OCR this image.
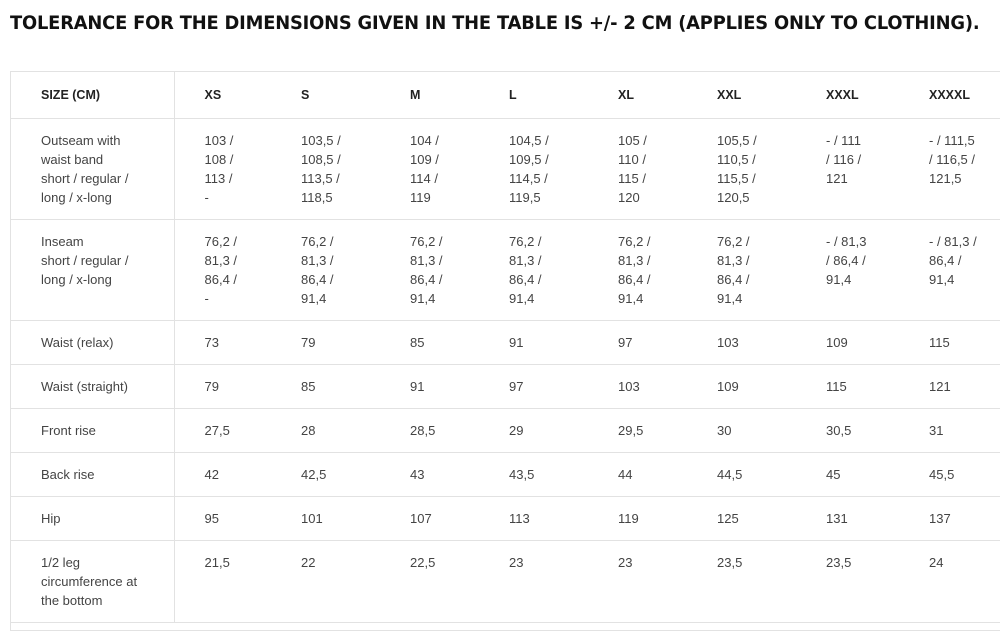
TOLERANCE FOR THE DIMENSIONS GIVEN IN THE TABLE IS +/- 2 CM (APPLIES ONLY TO CLOTHING).
SIZE (CM)	XS	S	M	L	XL	XXL	XXXL	XXXXL

Outseam with
waist band
short / regular /
long / x-long	103 /
108 /
113 /
-	103,5 /
108,5 /
113,5 /
118,5	104 /
109 /
114 /
119	104,5 /
109,5 /
114,5 /
119,5	105 /
110 /
115 /
120	105,5 /
110,5 /
115,5 /
120,5	- / 111
/ 116 /
121	- / 111,5
/ 116,5 /
121,5

Inseam
short / regular /
long / x-long	76,2 /
81,3 /
86,4 /
-	76,2 /
81,3 /
86,4 /
91,4	76,2 /
81,3 /
86,4 /
91,4	76,2 /
81,3 /
86,4 /
91,4	76,2 /
81,3 /
86,4 /
91,4	76,2 /
81,3 /
86,4 /
91,4	- / 81,3
/ 86,4 /
91,4	- / 81,3 /
86,4 /
91,4

Waist (relax)	73	79	85	91	97	103	109	115

Waist (straight)	79	85	91	97	103	109	115	121

Front rise	27,5	28	28,5	29	29,5	30	30,5	31

Back rise	42	42,5	43	43,5	44	44,5	45	45,5

Hip	95	101	107	113	119	125	131	137

1/2 leg
circumference at
the bottom	21,5	22	22,5	23	23	23,5	23,5	24
